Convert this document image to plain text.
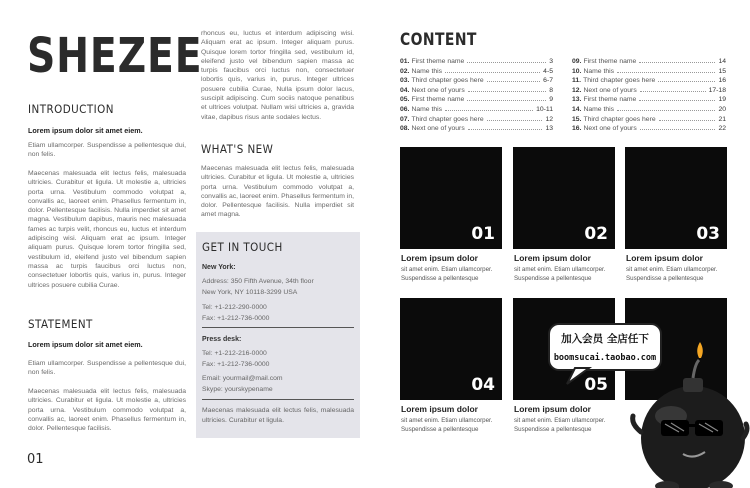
SHEZEE
INTRODUCTION
Lorem ipsum dolor sit amet eiem.
Etiam ullamcorper. Suspendisse a pellentesque dui, non felis.
Maecenas malesuada elit lectus felis, malesuada ultricies. Curabitur et ligula. Ut molestie a, ultricies porta urna. Vestibulum commodo volutpat a, convallis ac, laoreet enim. Phasellus fermentum in, dolor. Pellentesque facilisis. Nulla imperdiet sit amet magna. Vestibulum dapibus, mauris nec malesuada fames ac turpis velit, rhoncus eu, luctus et interdum adipiscing wisi. Aliquam erat ac ipsum. Integer aliquam purus. Quisque lorem tortor fringilla sed, vestibulum id, eleifend justo vel bibendum sapien massa ac turpis faucibus orci luctus non, consectetuer lobortis quis, varius in, purus. Integer ultrices posuere cubilia Curae.
STATEMENT
Lorem ipsum dolor sit amet eiem.
Etiam ullamcorper. Suspendisse a pellentesque dui, non felis.
Maecenas malesuada elit lectus felis, malesuada ultricies. Curabitur et ligula. Ut molestie a, ultricies porta urna. Vestibulum commodo volutpat a, convallis ac, laoreet enim. Phasellus fermentum in, dolor. Pellentesque facilisis.
01
rhoncus eu, luctus et interdum adipiscing wisi. Aliquam erat ac ipsum. Integer aliquam purus. Quisque lorem tortor fringilla sed, vestibulum id, eleifend justo vel bibendum sapien massa ac turpis faucibus orci luctus non, consectetuer lobortis quis, varius in, purus. Integer ultrices posuere cubilia Curae, Nulla ipsum dolor lacus, suscipit adipiscing. Cum sociis natoque penatibus et ultrices volutpat. Nullam wisi ultricies a, gravida vitae, dapibus risus ante sodales lectus.
WHAT'S NEW
Maecenas malesuada elit lectus felis, malesuada ultricies. Curabitur et ligula. Ut molestie a, ultricies porta urna. Vestibulum commodo volutpat a, convallis ac, laoreet enim. Phasellus fermentum in, dolor. Pellentesque facilisis. Nulla imperdiet sit amet magna.
GET IN TOUCH
New York:
Address: 350 Fifth Avenue, 34th floor
New York, NY 10118-3299 USA
Tel: +1-212-290-0000
Fax: +1-212-736-0000
Press desk:
Tel: +1-212-216-0000
Fax: +1-212-736-0000
Email: yourmail@mail.com
Skype: yourskypename
Maecenas malesuada elit lectus felis, malesuada ultricies. Curabitur et ligula.
CONTENT
01. First theme name	3
02. Name this	4-5
03. Third chapter goes here	6-7
04. Next one of yours	8
05. First theme name	9
06. Name this	10-11
07. Third chapter goes here	12
08. Next one of yours	13
09. First theme name	14
10. Name this	15
11. Third chapter goes here	16
12. Next one of yours	17-18
13. First theme name	19
14. Name this	20
15. Third chapter goes here	21
16. Next one of yours	22
01
Lorem ipsum dolor
sit amet enim. Etiam ullamcorper. Suspendisse a pellentesque
02
Lorem ipsum dolor
sit amet enim. Etiam ullamcorper. Suspendisse a pellentesque
03
Lorem ipsum dolor
sit amet enim. Etiam ullamcorper. Suspendisse a pellentesque
04
Lorem ipsum dolor
sit amet enim. Etiam ullamcorper. Suspendisse a pellentesque
05
Lorem ipsum dolor
sit amet enim. Etiam ullamcorper. Suspendisse a pellentesque
加入会员 全店任下
boomsucai.taobao.com
